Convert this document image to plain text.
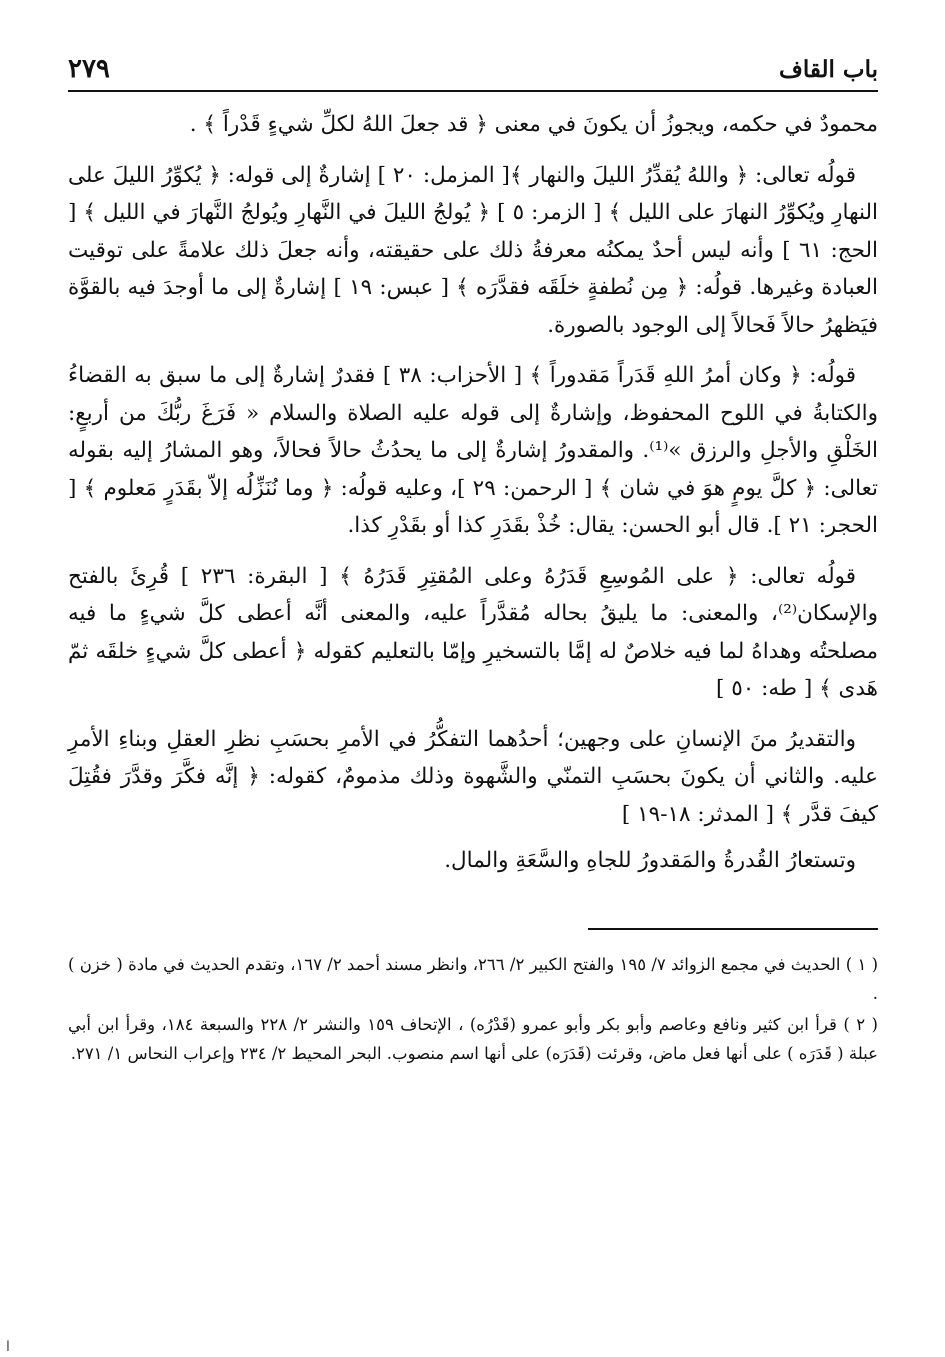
باب القاف
٢٧٩

محمودٌ في حكمه، ويجوزُ أن يكونَ في معنى ﴿ قد جعلَ اللهُ لكلِّ شيءٍ قَدْراً ﴾ .

قولُه تعالى: ﴿ واللهُ يُقدِّرُ الليلَ والنهار ﴾[ المزمل: ٢٠ ] إشارةٌ إلى قوله: ﴿ يُكوِّرُ الليلَ على النهارِ ويُكوِّرُ النهارَ على الليل ﴾ [ الزمر: ٥ ] ﴿ يُولجُ الليلَ في النَّهارِ ويُولجُ النَّهارَ في الليل ﴾ [ الحج: ٦١ ] وأنه ليس أحدٌ يمكنُه معرفةُ ذلك على حقيقته، وأنه جعلَ ذلك علامةً على توقيت العبادة وغيرها. قولُه: ﴿ مِن نُطفةٍ خلَقَه فقدَّرَه ﴾ [ عبس: ١٩ ] إشارةٌ إلى ما أوجدَ فيه بالقوَّة فيَظهرُ حالاً فَحالاً إلى الوجود بالصورة.

قولُه: ﴿ وكان أمرُ اللهِ قَدَراً مَقدوراً ﴾ [ الأحزاب: ٣٨ ] فقدرٌ إشارةٌ إلى ما سبق به القضاءُ والكتابةُ في اللوح المحفوظ، وإشارةٌ إلى قوله عليه الصلاة والسلام « فَرَغَ ربُّكَ من أربعٍ: الخَلْقِ والأجلِ والرزق »⁽¹⁾. والمقدورُ إشارةٌ إلى ما يحدُثُ حالاً فحالاً، وهو المشارُ إليه بقوله تعالى: ﴿ كلَّ يومٍ هوَ في شان ﴾ [ الرحمن: ٢٩ ]، وعليه قولُه: ﴿ وما نُنَزِّلُه إلاّ بقَدَرٍ مَعلوم ﴾ [ الحجر: ٢١ ]. قال أبو الحسن: يقال: خُذْ بقَدَرِ كذا أو بقَدْرِ كذا.

قولُه تعالى: ﴿ على المُوسِعِ قَدَرُهُ وعلى المُقتِرِ قَدَرُهُ ﴾ [ البقرة: ٢٣٦ ] قُرِئَ بالفتح والإسكان⁽²⁾، والمعنى: ما يليقُ بحاله مُقدَّراً عليه، والمعنى أنَّه أعطى كلَّ شيءٍ ما فيه مصلحتُه وهداهُ لما فيه خلاصٌ له إمَّا بالتسخيرِ وإمّا بالتعليم كقوله ﴿ أعطى كلَّ شيءٍ خلقَه ثمّ هَدى ﴾ [ طه: ٥٠ ]

والتقديرُ منَ الإنسانِ على وجهين؛ أحدُهما التفكُّرُ في الأمرِ بحسَبِ نظرِ العقلِ وبناءِ الأمرِ عليه. والثاني أن يكونَ بحسَبِ التمنّي والشَّهوة وذلك مذمومٌ، كقوله: ﴿ إنَّه فكَّرَ وقدَّرَ فقُتِلَ كيفَ قدَّر ﴾ [ المدثر: ١٨-١٩ ]

وتستعارُ القُدرةُ والمَقدورُ للجاهِ والسَّعَةِ والمال.

( ١ ) الحديث في مجمع الزوائد ٧/ ١٩٥ والفتح الكبير ٢/ ٢٦٦، وانظر مسند أحمد ٢/ ١٦٧، وتقدم الحديث في مادة ( خزن ) .

( ٢ ) قرأ ابن كثير ونافع وعاصم وأبو بكر وأبو عمرو (قَدْرُه) ، الإتحاف ١٥٩ والنشر ٢/ ٢٢٨ والسبعة ١٨٤، وقرأ ابن أبي عبلة ( قَدَرَه ) على أنها فعل ماض، وقرئت (قَدَرَه) على أنها اسم منصوب. البحر المحيط ٢/ ٢٣٤ وإعراب النحاس ١/ ٢٧١.

ا
